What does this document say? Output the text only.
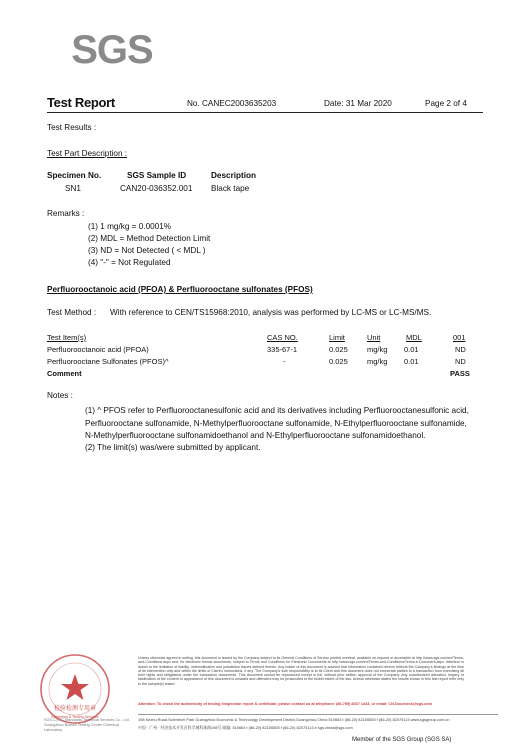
SGS
Test Report	No. CANEC2003635203	Date: 31 Mar 2020	Page 2 of 4
Test Results :
Test Part Description :
Specimen No.	SGS Sample ID	Description
SN1	CAN20-036352.001 Black tape
Remarks :
(1) 1 mg/kg = 0.0001%
(2) MDL = Method Detection Limit
(3) ND = Not Detected ( < MDL )
(4) "-" = Not Regulated
Perfluorooctanoic acid (PFOA) & Perfluorooctane sulfonates (PFOS)
Test Method : With reference to CEN/TS15968:2010, analysis was performed by LC-MS or LC-MS/MS.
Test Item(s)	CAS NO.	Limit	Unit	MDL	001
Perfluorooctanoic acid (PFOA)	335-67-1	0.025	mg/kg 0.01	ND
Perfluorooctane Sulfonates (PFOS)^	-	0.025	mg/kg 0.01	ND
Comment	PASS
Notes :
(1) ^ PFOS refer to Perfluorooctanesulfonic acid and its derivatives including Perfluorooctanesulfonic acid,
Perfluorooctane sulfonamide, N-Methylperfluorooctane sulfonamide, N-Ethylperfluorooctane sulfonamide,
N-Methylperfluorooctane sulfonamidoethanol and N-Ethylperfluorooctane sulfonamidoethanol.
(2) The limit(s) was/were submitted by applicant.
检验检测专用章
Inspection & Testing Services
SGS-CSTC Standards Technical Services Co., Ltd.
Guangzhou Branch Testing Center Chemical Laboratory
Unless otherwise agreed in writing, this document is issued by the Company subject to its General Conditions of Service printed overleaf, available on request or accessible at http://www.sgs.com/en/Terms-and-Conditions.aspx and, for electronic format documents, subject to Terms and Conditions for Electronic Documents at http://www.sgs.com/en/Terms-and-Conditions/Terms-e-Document.aspx. Attention is drawn to the limitation of liability, indemnification and jurisdiction issues defined therein. Any holder of this document is advised that information contained hereon reflects the Company's findings at the time of its intervention only and within the limits of Client's instructions, if any. The Company's sole responsibility is to its Client and this document does not exonerate parties to a transaction from exercising all their rights and obligations under the transaction documents. This document cannot be reproduced except in full, without prior written approval of the Company. Any unauthorized alteration, forgery or falsification of the content or appearance of this document is unlawful and offenders may be prosecuted to the fullest extent of the law. Unless otherwise stated the results shown in this test report refer only to the sample(s) tested .
Attention: To check the authenticity of testing /inspection report & certificate, please contact us at telephone: (86-755) 8307 1443, or email: CN.Doccheck@sgs.com
198 Kezhu Road,Scientech Park Guangzhou Economic & Technology Development District,Guangzhou,China 510663 t (86-20) 82155555 f (86-20) 82075113 www.sgsgroup.com.cn
中国 · 广州 · 经济技术开发区科学城科珠路198号 邮编: 510663 t (86-20) 82155555 f (86-20) 82075113 e sgs.china@sgs.com
Member of the SGS Group (SGS SA)
